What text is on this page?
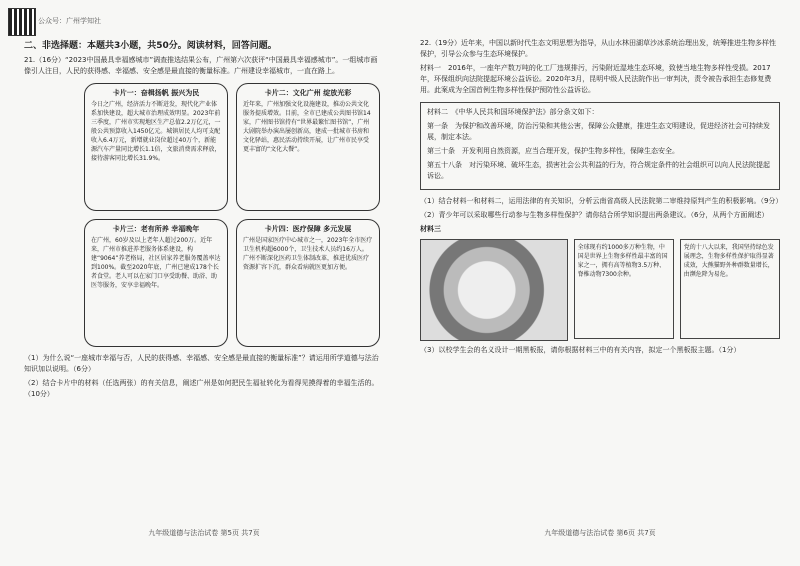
公众号：广州学知社
二、非选择题：本题共3小题，共50分。阅读材料，回答问题。

21.（16分）“2023中国最具幸福感城市”调查推选结果公布，广州第六次获评“中国最具幸福感城市”。一组城市画像引人注目，人民的获得感、幸福感、安全感是最直接的衡量标准。广州建设幸福城市，一直在路上。

卡片一：奋楫扬帆 振兴为民
今日之广州，经济活力不断迸发，现代化产业体系加快建设，超大城市治理成效明显。2023年前三季度，广州市实现地区生产总值2.2万亿元，一般公共预算收入1450亿元。城镇居民人均可支配收入6.4万元，新增就业岗位超过40万个，新能源汽车产量同比增长1.1倍，文旅消费需求释放，接待游客同比增长31.9%。
卡片二：文化广州 绽放光彩
近年来，广州加强文化设施建设，推动公共文化服务提质增效。目前，全市已建成公共图书馆14家，广州图书馆持有“世界最繁忙图书馆”，广州大剧院举办演出屡创新高，建成一批城市书房和文化驿站，惠民活动持续开展，让广州市民享受更丰富的“文化大餐”。
卡片三：老有所养 幸福晚年
在广州，60岁及以上老年人超过200万。近年来，广州市推进养老服务体系建设，构建“9064”养老格局，社区居家养老服务覆盖率达到100%。截至2020年底，广州已建成178个长者食堂。老人可以在家门口享受助餐、助浴、助医等服务，安享幸福晚年。
卡片四：医疗保障 多元发展
广州是国家医疗中心城市之一，2023年全市医疗卫生机构超6000个，卫生技术人员约16万人。广州不断深化医药卫生体制改革，推进优质医疗资源扩容下沉，群众看病就医更加方便。

（1）为什么说“一座城市幸福与否，人民的获得感、幸福感、安全感是最直接的衡量标准”？请运用所学道德与法治知识加以说明。（6分）

（2）结合卡片中的材料（任选两张）的有关信息，阐述广州是如何把民生福祉转化为看得见摸得着的幸福生活的。（10分）

九年级道德与法治试卷 第5页 共7页

22.（19分）近年来，中国以新时代生态文明思想为指导，从山水林田湖草沙冰系统治理出发，统筹推进生物多样性保护，引导公众参与生态环境保护。

材料一　2016年，一座年产数万吨的化工厂违规排污，污染附近湿地生态环境，致使当地生物多样性受损。2017年，环保组织向法院提起环境公益诉讼。2020年3月，昆明中级人民法院作出一审判决，责令被告承担生态修复费用。此案成为全国首例生物多样性保护预防性公益诉讼。

材料二　《中华人民共和国环境保护法》部分条文如下：

第一条　为保护和改善环境，防治污染和其他公害，保障公众健康，推进生态文明建设，促进经济社会可持续发展，制定本法。

第三十条　开发利用自然资源，应当合理开发，保护生物多样性，保障生态安全。

第五十八条　对污染环境、破坏生态，损害社会公共利益的行为，符合规定条件的社会组织可以向人民法院提起诉讼。

（1）结合材料一和材料二，运用法律的有关知识，分析云南省高级人民法院第二审维持原判产生的积极影响。（9分）

（2）青少年可以采取哪些行动参与生物多样性保护？请你结合所学知识提出两条建议。（6分，从两个方面阐述）

材料三

全球现有约1000多万种生物，中国是世界上生物多样性最丰富的国家之一，拥有高等植物3.5万种、脊椎动物7300余种。
党的十八大以来，我国坚持绿色发展理念，生物多样性保护取得显著成效，大熊猫野外种群数量增长，由濒危降为易危。

（3）以校学生会的名义设计一期黑板报，请你根据材料三中的有关内容，拟定一个黑板报主题。（1分）

九年级道德与法治试卷 第6页 共7页
